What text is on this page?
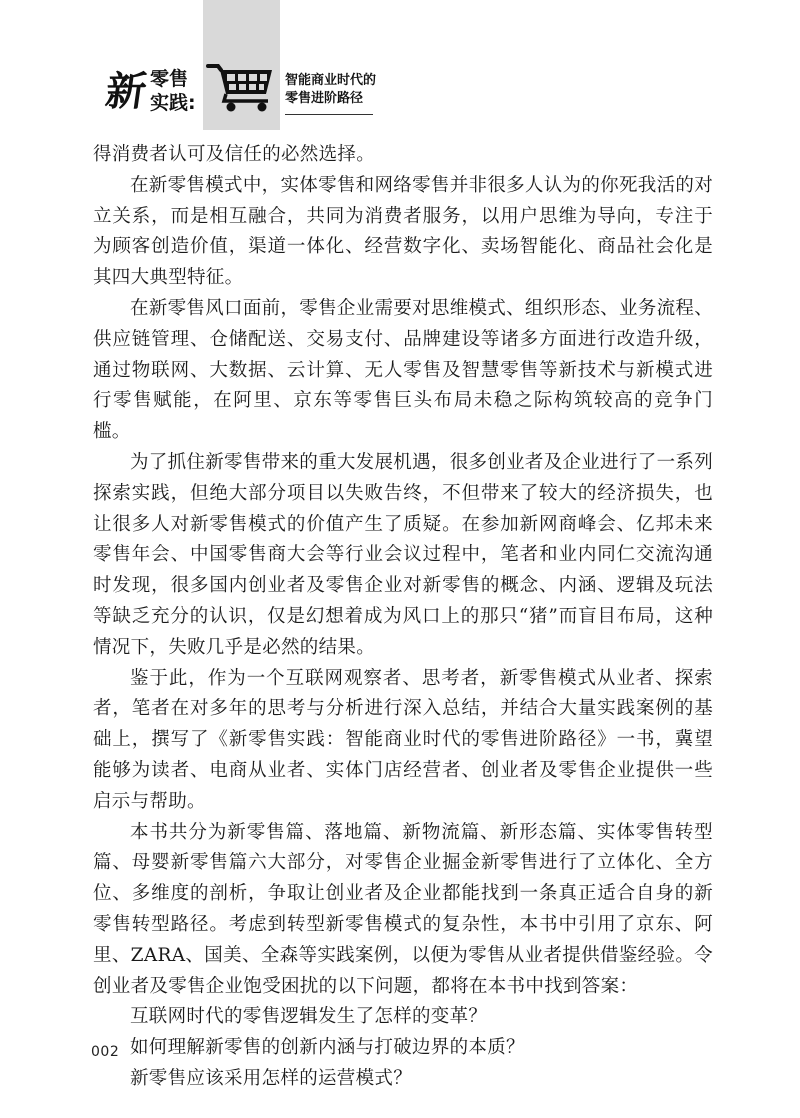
新 零售
实践:
智能商业时代的
零售进阶路径

得消费者认可及信任的必然选择。

在新零售模式中，实体零售和网络零售并非很多人认为的你死我活的对立关系，而是相互融合，共同为消费者服务，以用户思维为导向，专注于为顾客创造价值，渠道一体化、经营数字化、卖场智能化、商品社会化是其四大典型特征。

在新零售风口面前，零售企业需要对思维模式、组织形态、业务流程、供应链管理、仓储配送、交易支付、品牌建设等诸多方面进行改造升级，通过物联网、大数据、云计算、无人零售及智慧零售等新技术与新模式进行零售赋能，在阿里、京东等零售巨头布局未稳之际构筑较高的竞争门槛。

为了抓住新零售带来的重大发展机遇，很多创业者及企业进行了一系列探索实践，但绝大部分项目以失败告终，不但带来了较大的经济损失，也让很多人对新零售模式的价值产生了质疑。在参加新网商峰会、亿邦未来零售年会、中国零售商大会等行业会议过程中，笔者和业内同仁交流沟通时发现，很多国内创业者及零售企业对新零售的概念、内涵、逻辑及玩法等缺乏充分的认识，仅是幻想着成为风口上的那只“猪”而盲目布局，这种情况下，失败几乎是必然的结果。

鉴于此，作为一个互联网观察者、思考者，新零售模式从业者、探索者，笔者在对多年的思考与分析进行深入总结，并结合大量实践案例的基础上，撰写了《新零售实践：智能商业时代的零售进阶路径》一书，冀望能够为读者、电商从业者、实体门店经营者、创业者及零售企业提供一些启示与帮助。

本书共分为新零售篇、落地篇、新物流篇、新形态篇、实体零售转型篇、母婴新零售篇六大部分，对零售企业掘金新零售进行了立体化、全方位、多维度的剖析，争取让创业者及企业都能找到一条真正适合自身的新零售转型路径。考虑到转型新零售模式的复杂性，本书中引用了京东、阿里、ZARA、国美、全森等实践案例，以便为零售从业者提供借鉴经验。令创业者及零售企业饱受困扰的以下问题，都将在本书中找到答案：

互联网时代的零售逻辑发生了怎样的变革？

如何理解新零售的创新内涵与打破边界的本质？

新零售应该采用怎样的运营模式？

002
